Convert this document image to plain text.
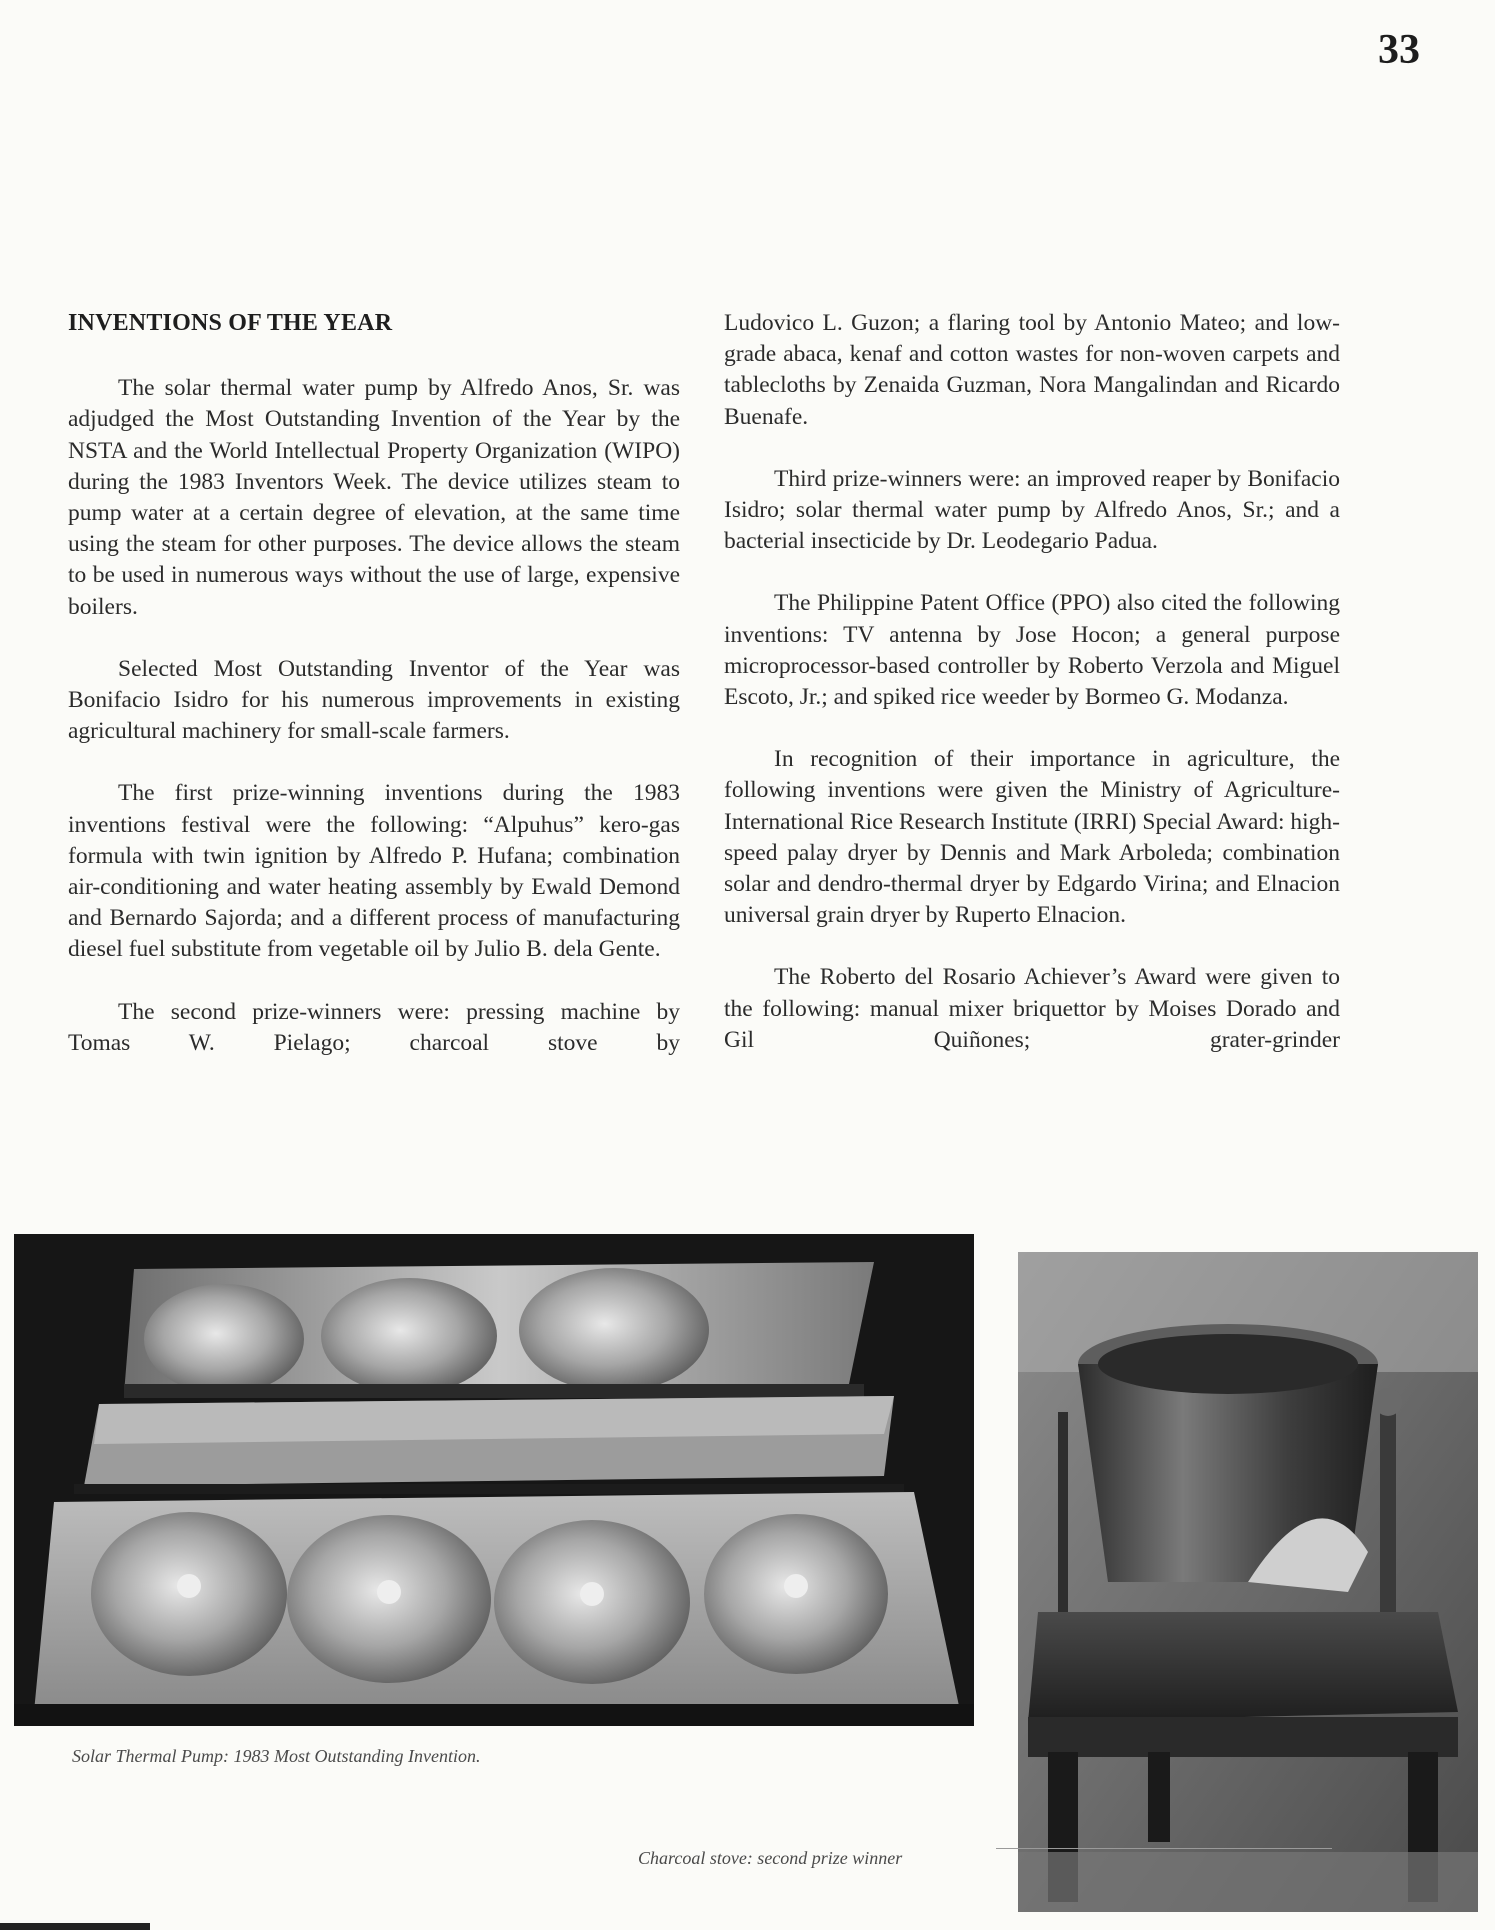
33
INVENTIONS OF THE YEAR

The solar thermal water pump by Alfredo Anos, Sr. was adjudged the Most Outstanding Invention of the Year by the NSTA and the World Intellectual Property Organization (WIPO) during the 1983 Inventors Week. The device utilizes steam to pump water at a certain degree of elevation, at the same time using the steam for other purposes. The device allows the steam to be used in numerous ways without the use of large, expensive boilers.

Selected Most Outstanding Inventor of the Year was Bonifacio Isidro for his numerous improvements in existing agricultural machinery for small-scale farmers.

The first prize-winning inventions during the 1983 inventions festival were the following: “Alpuhus” kero-gas formula with twin ignition by Alfredo P. Hufana; combination air-conditioning and water heating assembly by Ewald Demond and Bernardo Sajorda; and a different process of manufacturing diesel fuel substitute from vegetable oil by Julio B. dela Gente.

The second prize-winners were: pressing machine by Tomas W. Pielago; charcoal stove by

Ludovico L. Guzon; a flaring tool by Antonio Mateo; and low-grade abaca, kenaf and cotton wastes for non-woven carpets and tablecloths by Zenaida Guzman, Nora Mangalindan and Ricardo Buenafe.

Third prize-winners were: an improved reaper by Bonifacio Isidro; solar thermal water pump by Alfredo Anos, Sr.; and a bacterial insecticide by Dr. Leodegario Padua.

The Philippine Patent Office (PPO) also cited the following inventions: TV antenna by Jose Hocon; a general purpose microprocessor-based controller by Roberto Verzola and Miguel Escoto, Jr.; and spiked rice weeder by Bormeo G. Modanza.

In recognition of their importance in agriculture, the following inventions were given the Ministry of Agriculture-International Rice Research Institute (IRRI) Special Award: high-speed palay dryer by Dennis and Mark Arboleda; combination solar and dendro-thermal dryer by Edgardo Virina; and Elnacion universal grain dryer by Ruperto Elnacion.

The Roberto del Rosario Achiever’s Award were given to the following: manual mixer briquettor by Moises Dorado and Gil Quiñones; grater-grinder

Solar Thermal Pump: 1983 Most Outstanding Invention.
Charcoal stove: second prize winner
